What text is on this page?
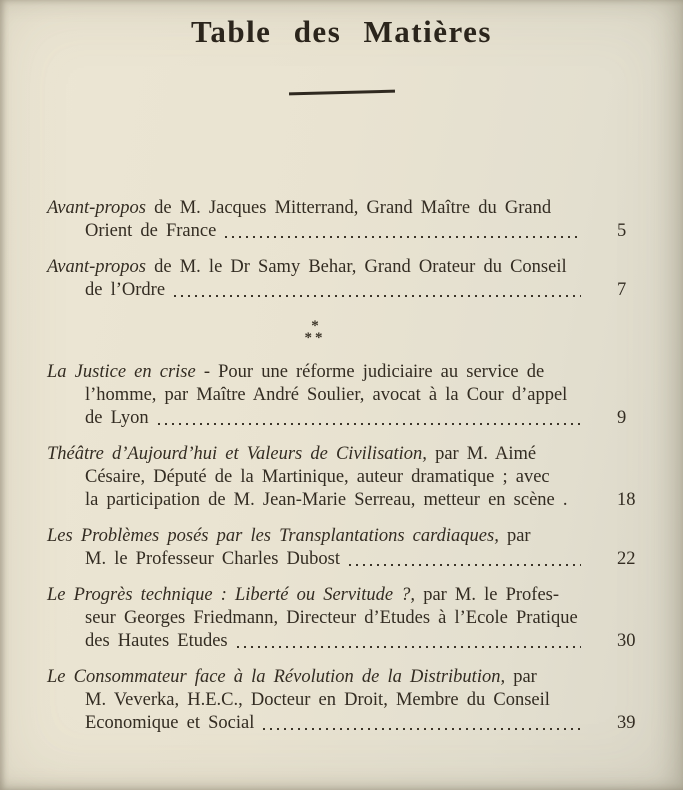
Table des Matières
Avant-propos de M. Jacques Mitterrand, Grand Maître du Grand
Orient de France	5
Avant-propos de M. le Dr Samy Behar, Grand Orateur du Conseil
de l’Ordre	7
*
**
La Justice en crise - Pour une réforme judiciaire au service de
l’homme, par Maître André Soulier, avocat à la Cour d’appel
de Lyon	9
Théâtre d’Aujourd’hui et Valeurs de Civilisation, par M. Aimé
Césaire, Député de la Martinique, auteur dramatique ; avec
la participation de M. Jean-Marie Serreau, metteur en scène .	18
Les Problèmes posés par les Transplantations cardiaques, par
M. le Professeur Charles Dubost	22
Le Progrès technique : Liberté ou Servitude ?, par M. le Profes-
seur Georges Friedmann, Directeur d’Etudes à l’Ecole Pratique
des Hautes Etudes	30
Le Consommateur face à la Révolution de la Distribution, par
M. Veverka, H.E.C., Docteur en Droit, Membre du Conseil
Economique et Social	39
